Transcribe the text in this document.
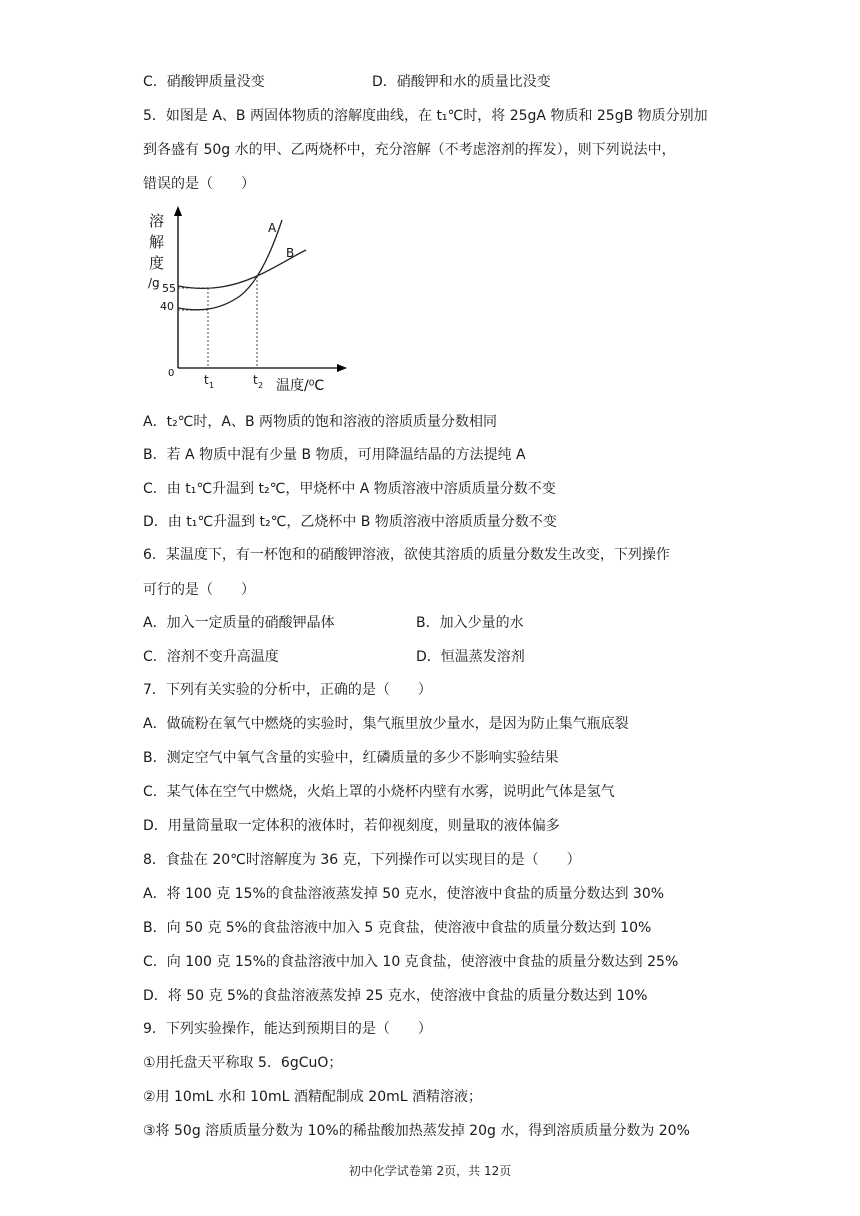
C．硝酸钾质量没变	D．硝酸钾和水的质量比没变
5．如图是 A、B 两固体物质的溶解度曲线，在 t₁℃时，将 25gA 物质和 25gB 物质分别加
到各盛有 50g 水的甲、乙两烧杯中，充分溶解（不考虑溶剂的挥发），则下列说法中，
错误的是（　　）
溶
解
度
/g 55
40
0
A
B
t 1	t 2 温度/⁰C
A．t₂℃时，A、B 两物质的饱和溶液的溶质质量分数相同
B．若 A 物质中混有少量 B 物质，可用降温结晶的方法提纯 A
C．由 t₁℃升温到 t₂℃，甲烧杯中 A 物质溶液中溶质质量分数不变
D．由 t₁℃升温到 t₂℃，乙烧杯中 B 物质溶液中溶质质量分数不变
6．某温度下，有一杯饱和的硝酸钾溶液，欲使其溶质的质量分数发生改变，下列操作
可行的是（　　）
A．加入一定质量的硝酸钾晶体	B．加入少量的水
C．溶剂不变升高温度	D．恒温蒸发溶剂
7．下列有关实验的分析中，正确的是（　　）
A．做硫粉在氧气中燃烧的实验时，集气瓶里放少量水，是因为防止集气瓶底裂
B．测定空气中氧气含量的实验中，红磷质量的多少不影响实验结果
C．某气体在空气中燃烧，火焰上罩的小烧杯内壁有水雾，说明此气体是氢气
D．用量筒量取一定体积的液体时，若仰视刻度，则量取的液体偏多
8．食盐在 20℃时溶解度为 36 克，下列操作可以实现目的是（　　）
A．将 100 克 15%的食盐溶液蒸发掉 50 克水，使溶液中食盐的质量分数达到 30%
B．向 50 克 5%的食盐溶液中加入 5 克食盐，使溶液中食盐的质量分数达到 10%
C．向 100 克 15%的食盐溶液中加入 10 克食盐，使溶液中食盐的质量分数达到 25%
D．将 50 克 5%的食盐溶液蒸发掉 25 克水，使溶液中食盐的质量分数达到 10%
9．下列实验操作，能达到预期目的是（　　）
①用托盘天平称取 5．6gCuO；
②用 10mL 水和 10mL 酒精配制成 20mL 酒精溶液；
③将 50g 溶质质量分数为 10%的稀盐酸加热蒸发掉 20g 水，得到溶质质量分数为 20%
初中化学试卷第 2页，共 12页
